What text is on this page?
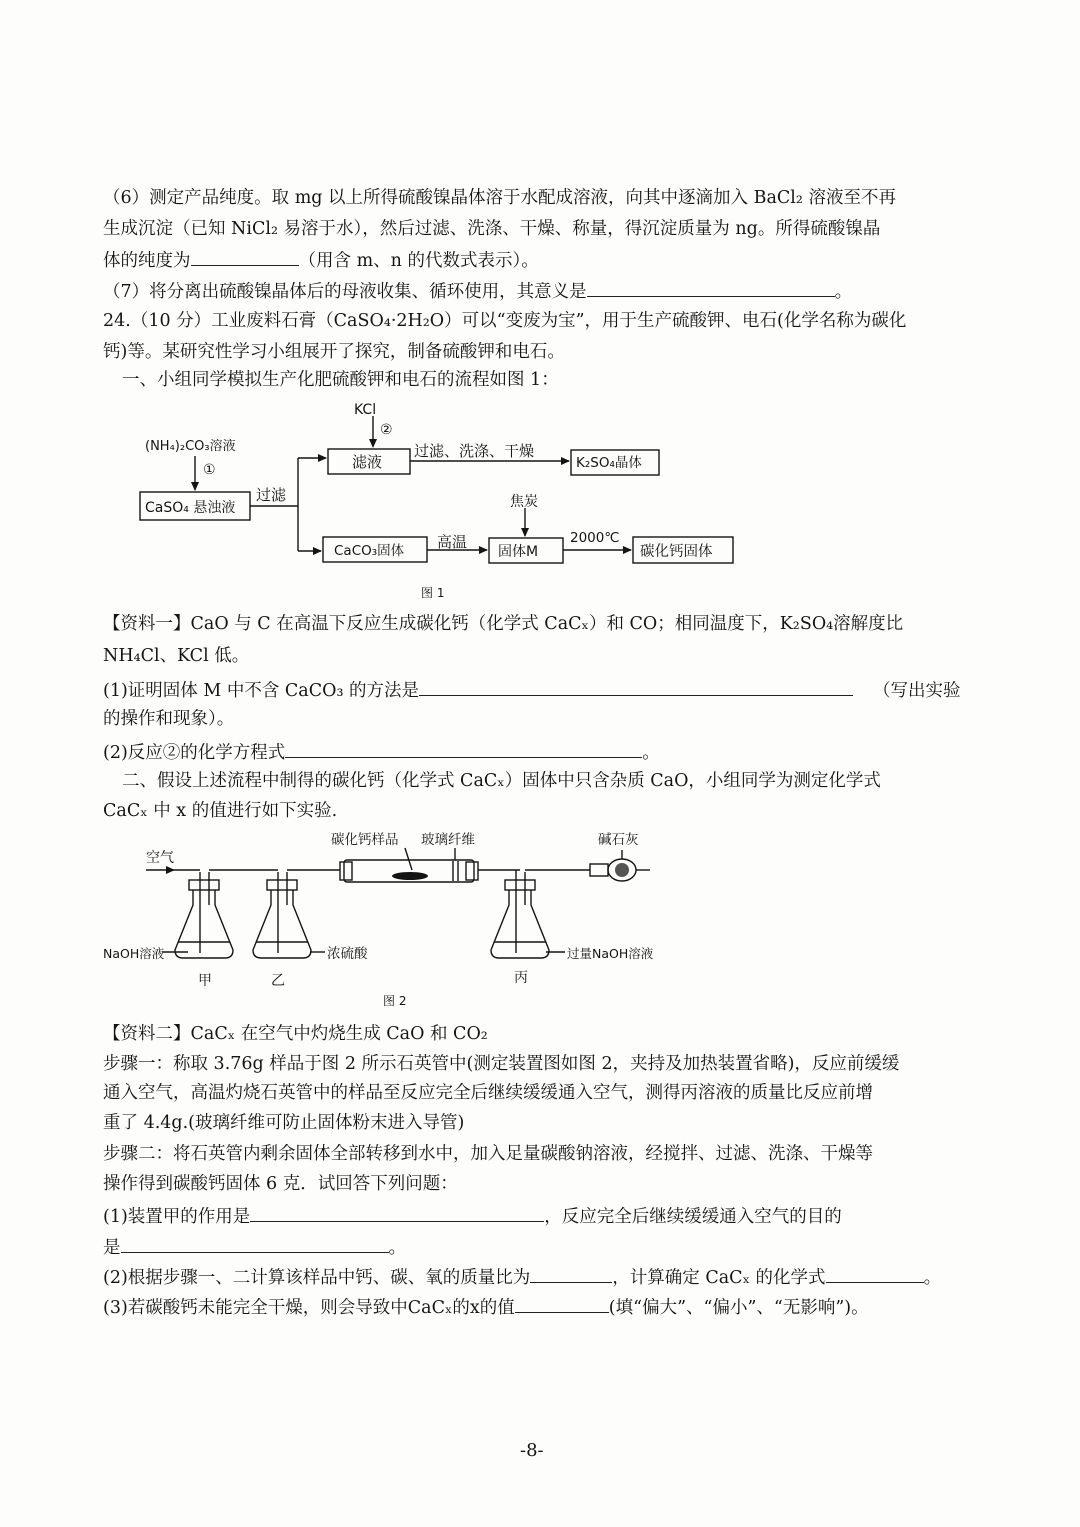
（6）测定产品纯度。取 mg 以上所得硫酸镍晶体溶于水配成溶液，向其中逐滴加入 BaCl₂ 溶液至不再
生成沉淀（已知 NiCl₂ 易溶于水），然后过滤、洗涤、干燥、称量，得沉淀质量为 ng。所得硫酸镍晶
体的纯度为	（用含 m、n 的代数式表示）。
（7）将分离出硫酸镍晶体后的母液收集、循环使用，其意义是	。
24.（10 分）工业废料石膏（CaSO₄·2H₂O）可以“变废为宝”，用于生产硫酸钾、电石(化学名称为碳化
钙)等。某研究性学习小组展开了探究，制备硫酸钾和电石。
一、小组同学模拟生产化肥硫酸钾和电石的流程如图 1：
KCl
②
(NH₄)₂CO₃溶液
①
CaSO₄ 悬浊液
过滤
滤液
过滤、洗涤、干燥
K₂SO₄晶体
焦炭
CaCO₃固体 高温
固体M
2000℃
碳化钙固体
图 1
【资料一】CaO 与 C 在高温下反应生成碳化钙（化学式 CaCₓ）和 CO；相同温度下，K₂SO₄溶解度比
NH₄Cl、KCl 低。
(1)证明固体 M 中不含 CaCO₃ 的方法是	（写出实验
的操作和现象）。
(2)反应②的化学方程式	。
二、假设上述流程中制得的碳化钙（化学式 CaCₓ）固体中只含杂质 CaO，小组同学为测定化学式
CaCₓ 中 x 的值进行如下实验.
空气
碳化钙样品 玻璃纤维	碱石灰
NaOH溶液	浓硫酸	过量NaOH溶液
甲	乙	丙
图 2
【资料二】CaCₓ 在空气中灼烧生成 CaO 和 CO₂
步骤一：称取 3.76g 样品于图 2 所示石英管中(测定装置图如图 2，夹持及加热装置省略)，反应前缓缓
通入空气，高温灼烧石英管中的样品至反应完全后继续缓缓通入空气，测得丙溶液的质量比反应前增
重了 4.4g.(玻璃纤维可防止固体粉末进入导管)
步骤二：将石英管内剩余固体全部转移到水中，加入足量碳酸钠溶液，经搅拌、过滤、洗涤、干燥等
操作得到碳酸钙固体 6 克．试回答下列问题：
(1)装置甲的作用是	，反应完全后继续缓缓通入空气的目的
是	。
(2)根据步骤一、二计算该样品中钙、碳、氧的质量比为	，计算确定 CaCₓ 的化学式	。
(3)若碳酸钙未能完全干燥，则会导致中CaCₓ的x的值	(填“偏大”、“偏小”、“无影响”)。
-8-
